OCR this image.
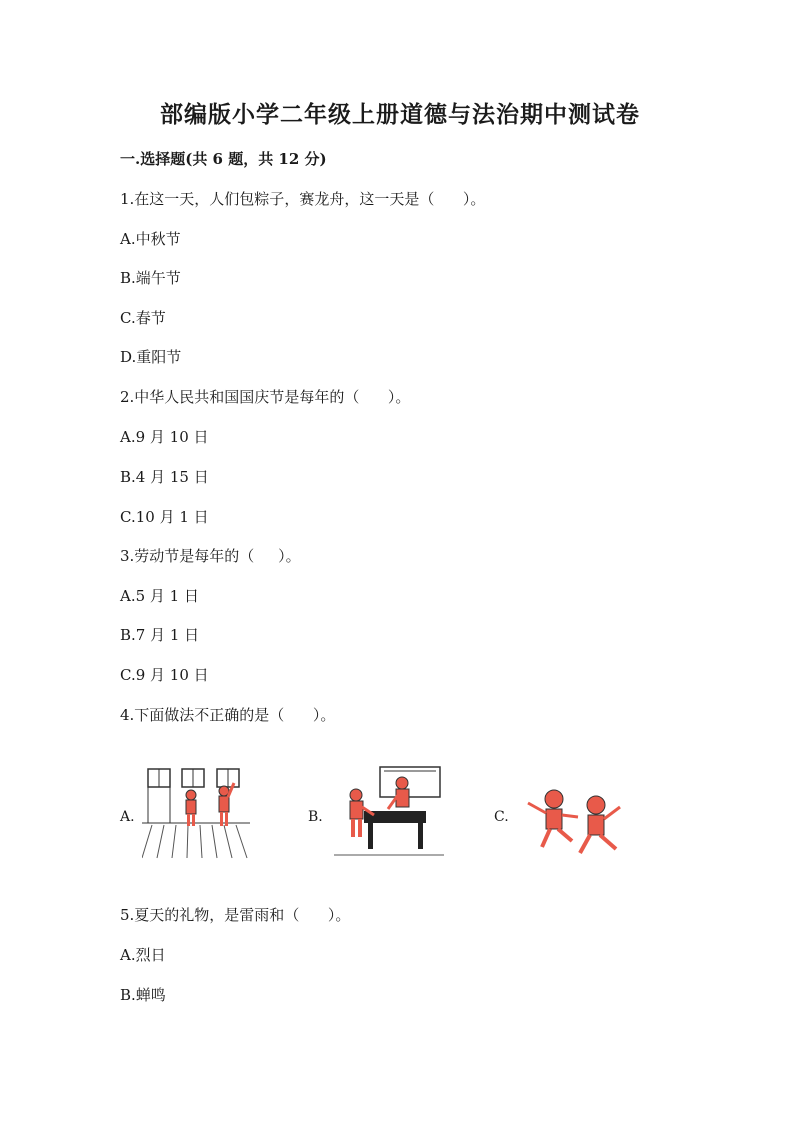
部编版小学二年级上册道德与法治期中测试卷
一.选择题(共 6 题，共 12 分)
1.在这一天，人们包粽子，赛龙舟，这一天是（      ）。
A.中秋节
B.端午节
C.春节
D.重阳节
2.中华人民共和国国庆节是每年的（      ）。
A.9 月 10 日
B.4 月 15 日
C.10 月 1 日
3.劳动节是每年的（     ）。
A.5 月 1 日
B.7 月 1 日
C.9 月 10 日
4.下面做法不正确的是（      ）。
A.	B.	C.
5.夏天的礼物，是雷雨和（      ）。
A.烈日
B.蝉鸣
